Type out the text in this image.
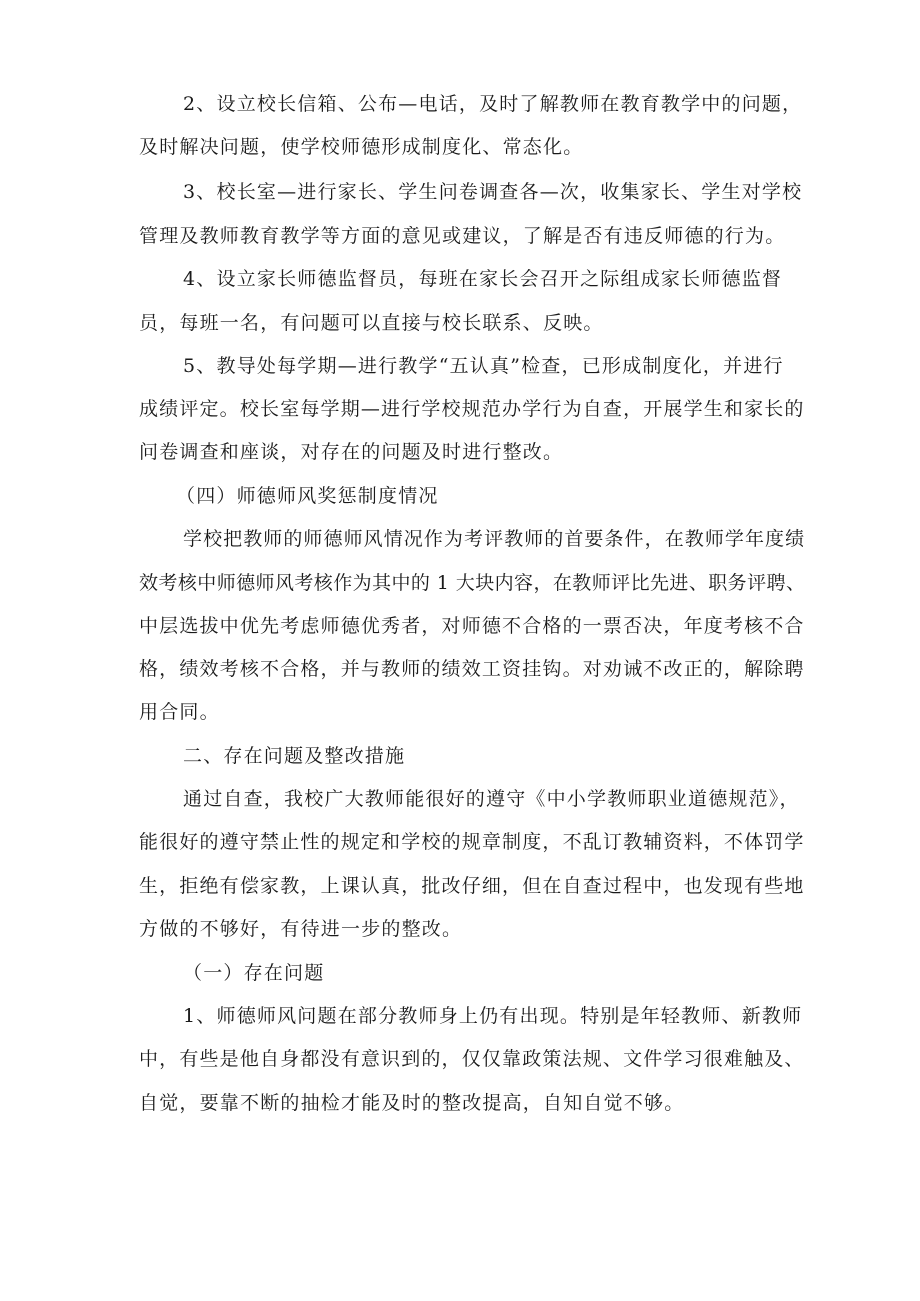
2、设立校长信箱、公布—电话，及时了解教师在教育教学中的问题，
及时解决问题，使学校师德形成制度化、常态化。
3、校长室—进行家长、学生问卷调查各—次，收集家长、学生对学校
管理及教师教育教学等方面的意见或建议，了解是否有违反师德的行为。
4、设立家长师德监督员，每班在家长会召开之际组成家长师德监督
员，每班一名，有问题可以直接与校长联系、反映。
5、教导处每学期—进行教学“五认真”检查，已形成制度化，并进行
成绩评定。校长室每学期—进行学校规范办学行为自查，开展学生和家长的
问卷调查和座谈，对存在的问题及时进行整改。
（四）师德师风奖惩制度情况
学校把教师的师德师风情况作为考评教师的首要条件，在教师学年度绩
效考核中师德师风考核作为其中的 1 大块内容，在教师评比先进、职务评聘、
中层选拔中优先考虑师德优秀者，对师德不合格的一票否决，年度考核不合
格，绩效考核不合格，并与教师的绩效工资挂钩。对劝诫不改正的，解除聘
用合同。
二、存在问题及整改措施
通过自查，我校广大教师能很好的遵守《中小学教师职业道德规范》，
能很好的遵守禁止性的规定和学校的规章制度，不乱订教辅资料，不体罚学
生，拒绝有偿家教，上课认真，批改仔细，但在自查过程中，也发现有些地
方做的不够好，有待进一步的整改。
（一）存在问题
1、师德师风问题在部分教师身上仍有出现。特别是年轻教师、新教师
中，有些是他自身都没有意识到的，仅仅靠政策法规、文件学习很难触及、
自觉，要靠不断的抽检才能及时的整改提高，自知自觉不够。
